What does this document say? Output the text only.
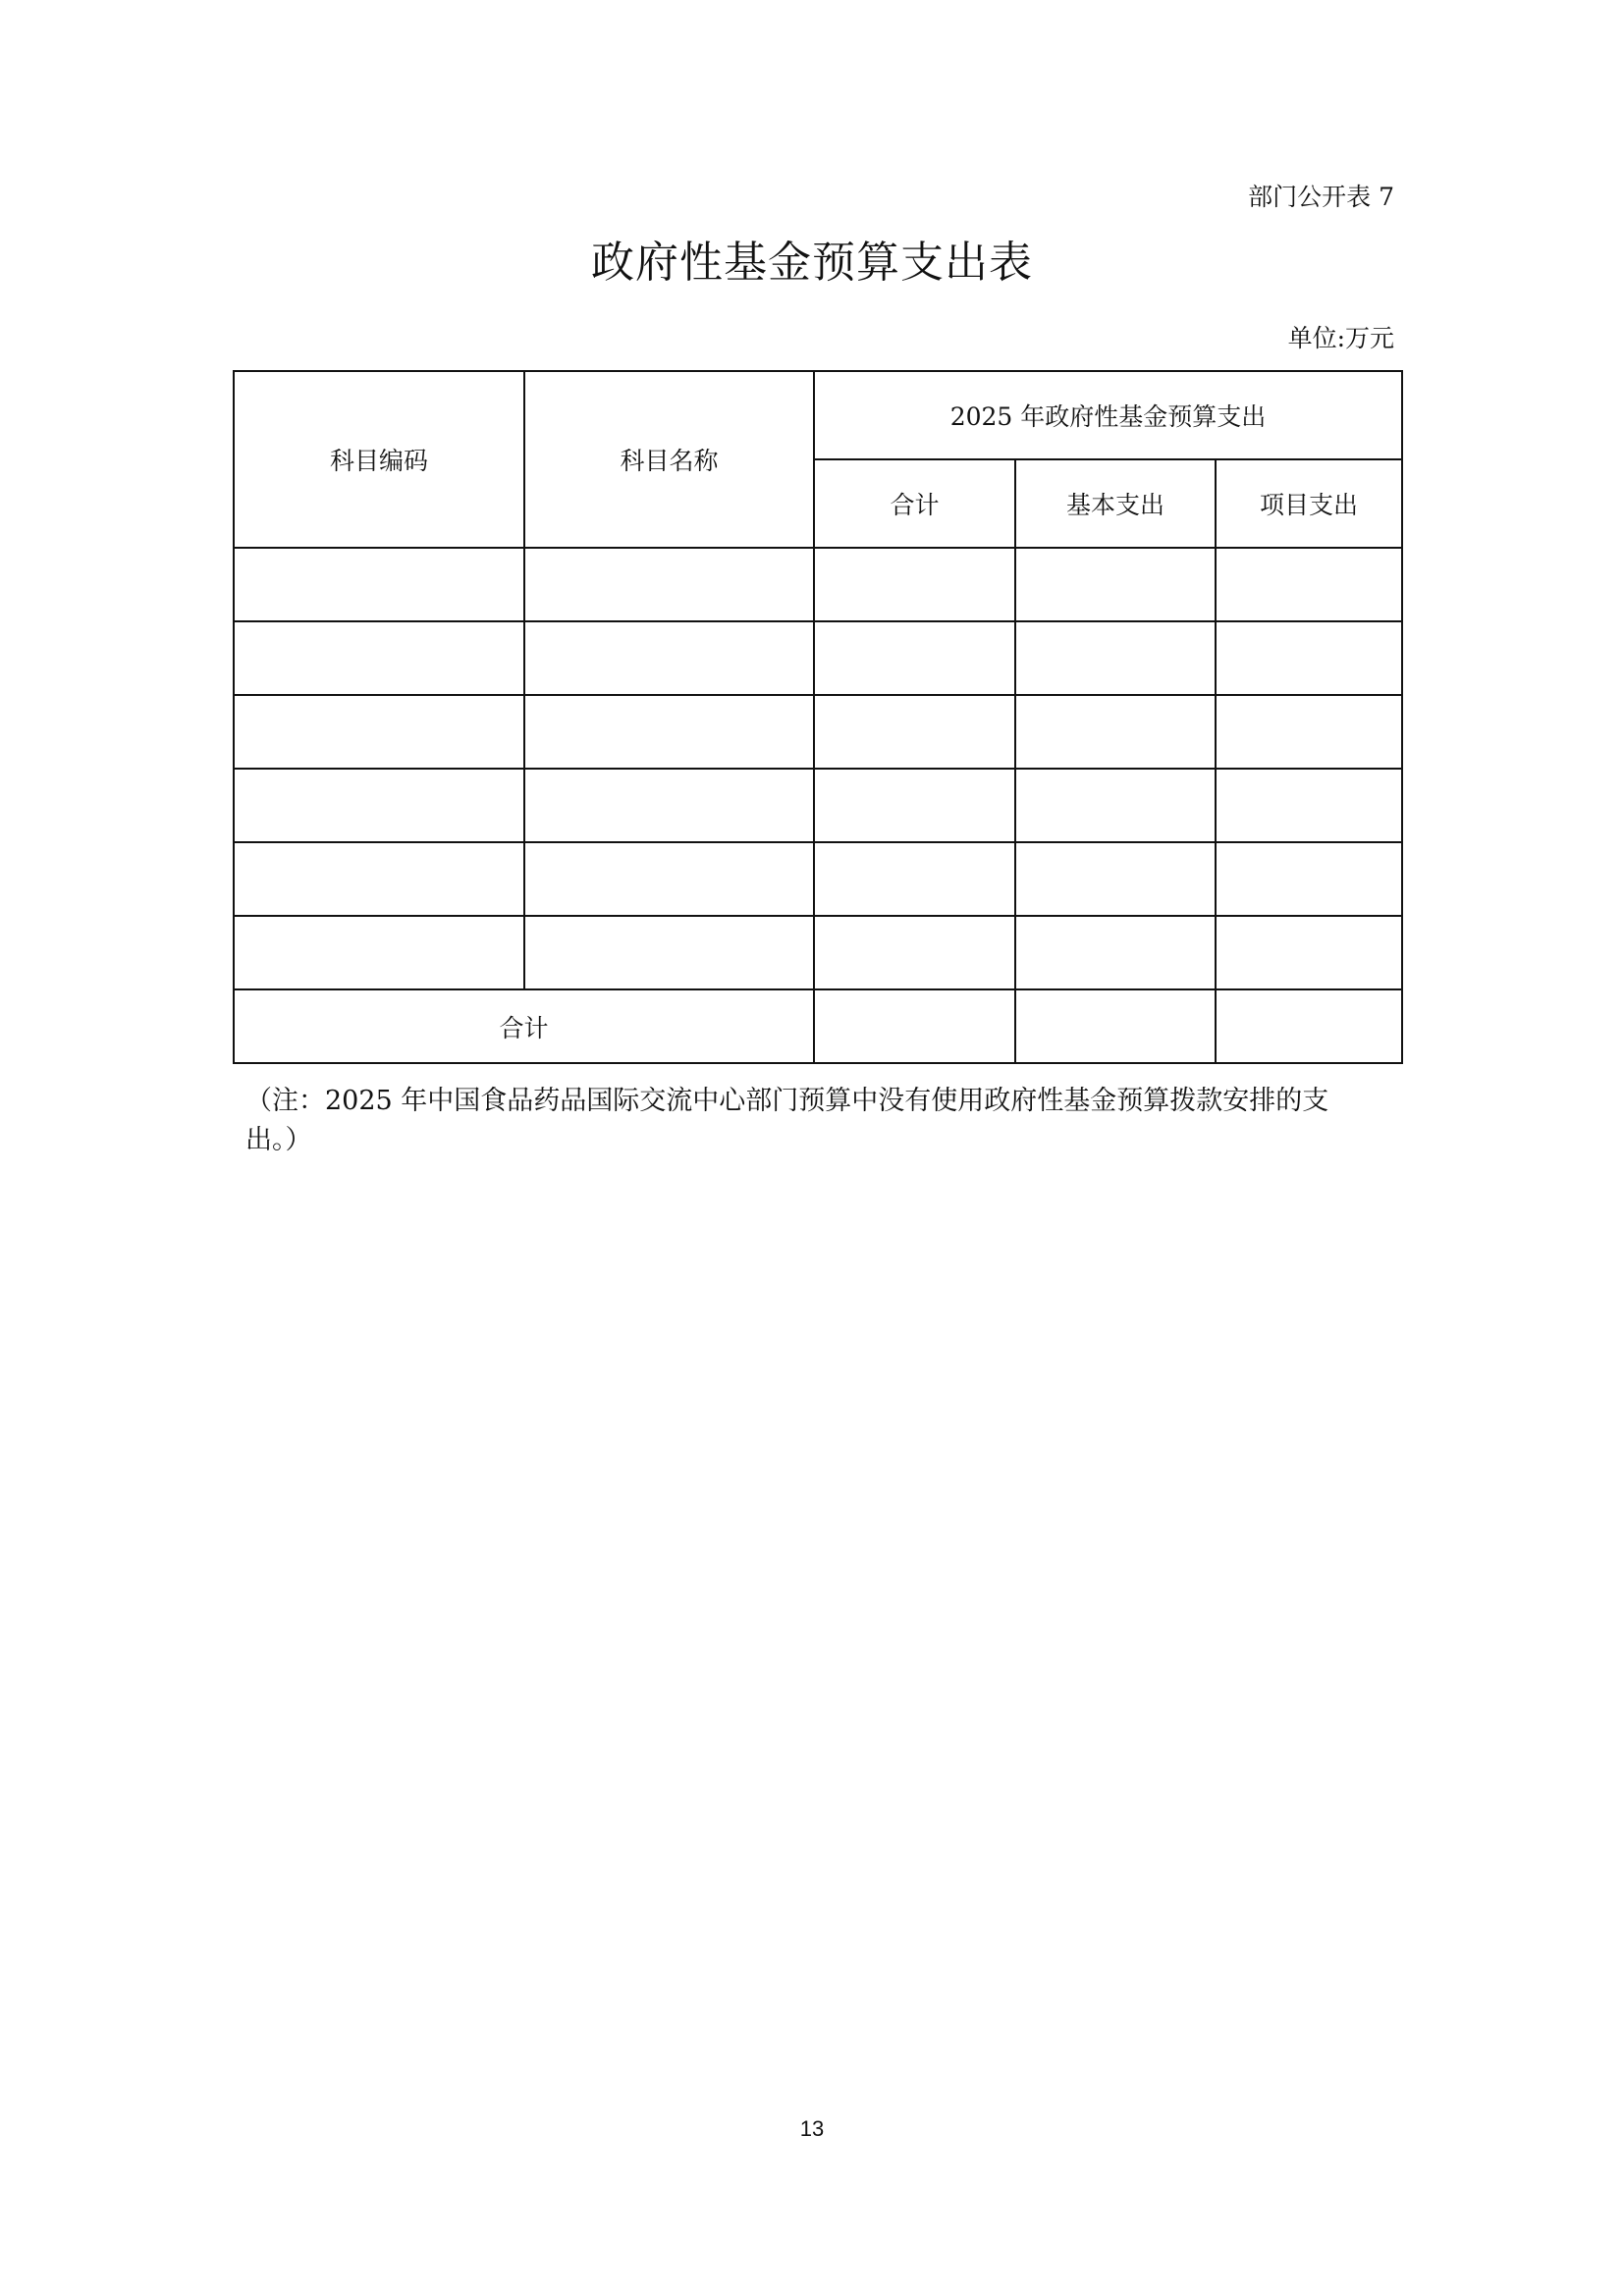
部门公开表 7
政府性基金预算支出表
单位:万元
科目编码	科目名称	2025 年政府性基金预算支出		
		合计	基本支出	项目支出

合计				
（注：2025 年中国食品药品国际交流中心部门预算中没有使用政府性基金预算拨款安排的支出。）
13
